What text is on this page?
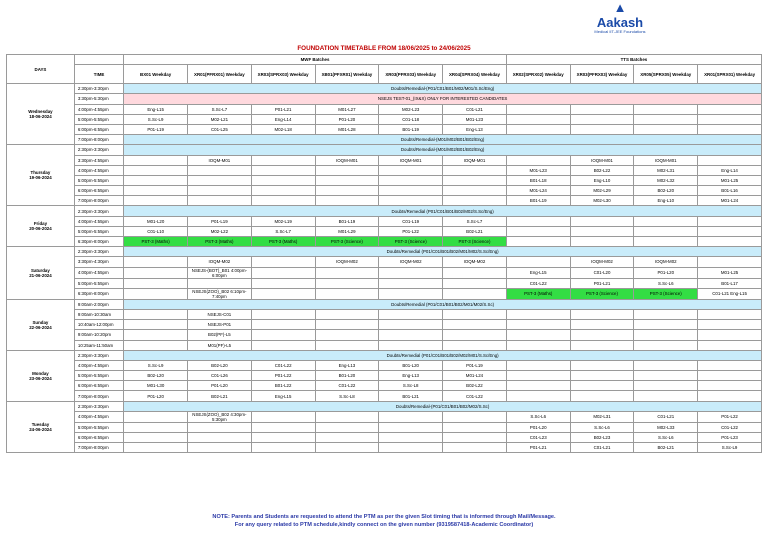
▲
Aakash
Medical IIT-JEE Foundations
FOUNDATION TIMETABLE FROM 18/06/2025 to 24/06/2025
DAYS		MWF Batches						TTS Batches			
	TIME	BX01 Weekday	XR01(PFRX01) Weekday	XR03(SPRX03) Weekday	XB01(PFXR01) Weekday	XR03(PFRX03) Weekday	XR04(SPRX04) Weekday	XR02(SPRX02) Weekday	XR03(PFRX03) Weekday	XR05(SPRX05) Weekday	XR01(SPRX01) Weekday

Wednesday
18-06-2024	2:30pm-3:30pm	Doubts/Remedial-(P01/C01/B01/M02/M01/S.Sc/Eng)									
	3:30pm-5:30pm	NSEJS TEST-01_(IX&X) ONLY FOR INTERESTED CANDIDATES									
	4:00pm-4:55pm	Eng-L15	S.Sc-L7	P01-L21	M01-L27	M02-L23	C01-L21				
	5:00pm-5:55pm	S.Sc-L9	M02-L21	Eng-L14	P01-L20	C01-L18	M01-L23				
	6:00pm-6:55pm	P01-L19	C01-L25	M02-L18	M01-L28	B01-L19	Eng-L13				
	7:00pm-8:00pm	Doubts/Remedial-(M01/M02/B01/B02/Eng)									

Thursday
19-06-2024	2:30pm-3:30pm	Doubts/Remedial-(M01/M02/B01/B02/Eng)									
	3:30pm-4:55pm		IOQM-M01		IOQM-M01	IOQM-M01	IOQM-M01		IOQM-M01	IOQM-M01	
	4:00pm-4:55pm							M01-L23	B02-L22	M02-L31	Eng-L14
	5:00pm-5:55pm							B01-L18	Eng-L10	M02-L32	M01-L25
	6:00pm-6:55pm							M01-L24	M02-L29	B02-L20	B01-L16
	7:00pm-8:00pm							B01-L19	M02-L30	Eng-L10	M01-L24

Friday
20-06-2024	2:30pm-3:30pm	Doubts/Remedial (P01/C01/B01/B02/M02/S.Sc/Eng)									
	4:00pm-4:55pm	M01-L20	P01-L19	M02-L19	B01-L19	C01-L19	S.Sc-L7				
	5:00pm-5:55pm	C01-L10	M02-L22	S.Sc-L7	M01-L29	P01-L22	B02-L21				
	6:30pm-8:00pm	PST-3 (Maths)	PST-3 (Maths)	PST-3 (Maths)	PST-3 (Science)	PST-3 (Science)	PST-3 (Science)				

Saturday
21-06-2024	2:30pm-3:30pm	Doubts/Remedial (P01/C01/B01/B02/M01/M02/S.Sc/Eng)									
	3:30pm-4:30pm		IOQM-M02		IOQM-M02	IOQM-M02	IOQM-M02		IOQM-M02	IOQM-M02	
	4:00pm-4:55pm		NSEJS-(BOT)_B01 4:00pm-6:00pm					Eng-L15	C01-L20	P01-L20	M01-L25
	5:00pm-5:55pm							C01-L22	P01-L21	S.Sc-L6	B01-L17
	6:30pm-8:00pm		NSEJS(ZOO)_B02 6:10pm-7:40pm					PST-3 (Maths)	PST-3 (Science)	PST-3 (Science)	C01-L21 Eng-L15

Sunday
22-06-2024	9:00am-2:00pm	Doubts/Remedial (P01/C01/B01/B02/M01/M02/S.Sc)									
	9:00am-10:30am		NSEJS-C01								
	10:40am-12:00pm		NSEJS-P01								
	9:00am-10:20pm		B02(PF)-L5								
	10:25am-11:50am		M01(PF)-L5								

Monday
23-06-2024	2:30pm-3:30pm	Doubts/Remedial (P01/C01/B01/B02/M02/M01/S.Sc/Eng)									
	4:00pm-4:55pm	S.Sc-L9	B02-L20	C01-L22	Eng-L13	B01-L20	P01-L19				
	5:00pm-5:55pm	B02-L20	C01-L26	P01-L22	B01-L20	Eng-L13	M01-L24				
	6:00pm-6:55pm	M01-L30	P01-L20	B01-L22	C01-L22	S.Sc-L8	B02-L22				
	7:00pm-8:00pm	P01-L20	B02-L21	Eng-L15	S.Sc-L8	B01-L21	C01-L22				

Tuesday
24-06-2024	2:30pm-3:30pm	Doubts/Remedial-(P01/C01/B01/B02/M02/S.Sc)									
	4:00pm-4:55pm		NSEJS(ZOO)_B02 4:30pm-5:30pm					S.Sc-L6	M02-L31	C01-L21	P01-L22
	5:00pm-5:55pm							P01-L20	S.Sc-L6	M02-L33	C01-L22
	6:00pm-6:55pm							C01-L23	B02-L23	S.Sc-L6	P01-L23
	7:00pm-8:00pm							P01-L21	C01-L21	B02-L21	S.Sc-L9
NOTE: Parents and Students are requested to attend the PTM as per the given Slot timing that is informed through Mail/Message.
For any query related to PTM schedule,kindly connect on the given number (9319587418-Academic Coordinator)
